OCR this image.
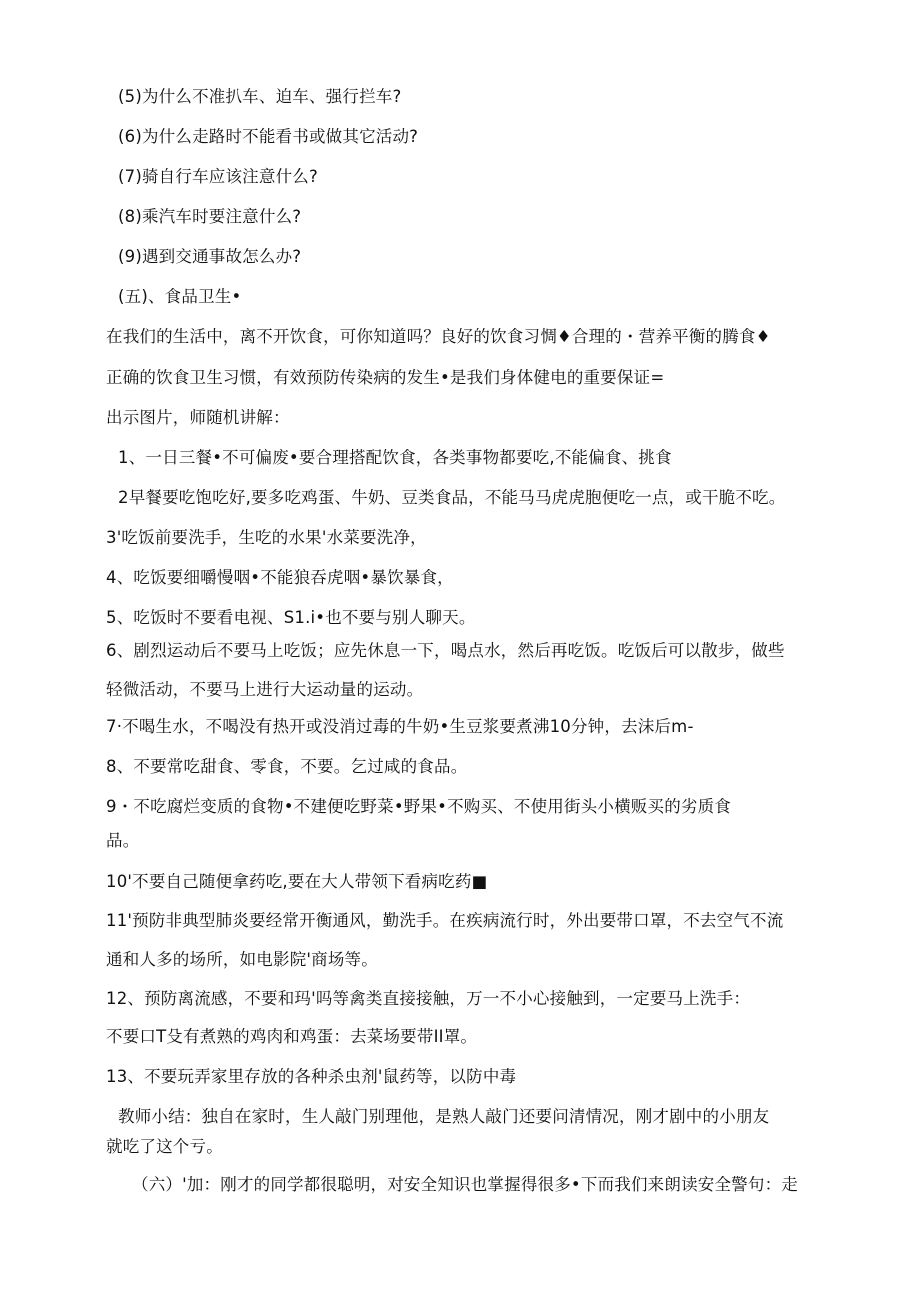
(5)为什么不准扒车、迫车、强行拦车?
(6)为什么走路时不能看书或做其它活动?
(7)骑自行车应该注意什么?
(8)乘汽车时要注意什么?
(9)遇到交通事故怎么办?
(五)、食品卫生•
在我们的生活中，离不开饮食，可你知道吗？良好的饮食习惆♦合理的・营养平衡的腾食♦
正确的饮食卫生习惯，有效预防传染病的发生•是我们身体健电的重要保证=
出示图片，师随机讲解：
1、一日三餐•不可偏废•要合理搭配饮食，各类事物都要吃,不能偏食、挑食
2早餐要吃饱吃好,要多吃鸡蛋、牛奶、豆类食品，不能马马虎虎胞便吃一点，或干脆不吃。
3'吃饭前要洗手，生吃的水果'水菜要洗净，
4、吃饭要细嚼慢咽•不能狼吞虎咽•暴饮暴食，
5、吃饭时不要看电视、S1.i•也不要与别人聊天。
6、剧烈运动后不要马上吃饭；应先休息一下，喝点水，然后再吃饭。吃饭后可以散步，做些
轻微活动，不要马上进行大运动量的运动。
7·不喝生水，不喝没有热开或没消过毒的牛奶•生豆浆要煮沸10分钟，去沫后m-
8、不要常吃甜食、零食，不要。乞过咸的食品。
9・不吃腐烂变质的食物•不建便吃野菜•野果•不购买、不使用街头小横贩买的劣质食
品。
10'不要自己随便拿药吃,要在大人带领下看病吃药■
11'预防非典型肺炎要经常开衡通风，勤洗手。在疾病流行时，外出要带口罩，不去空气不流
通和人多的场所，如电影院'商场等。
12、预防离流感，不要和玛'吗等禽类直接接触，万一不小心接触到，一定要马上洗手：
不要口T殳有煮熟的鸡肉和鸡蛋：去菜场要带II罩。
13、不要玩弄家里存放的各种杀虫剂'鼠药等，以防中毒
教师小结：独自在家时，生人敲门别理他，是熟人敲门还要问清情况，刚才剧中的小朋友
就吃了这个亏。
（六）'加：刚才的同学都很聪明，对安全知识也掌握得很多•下而我们来朗读安全警句：走
